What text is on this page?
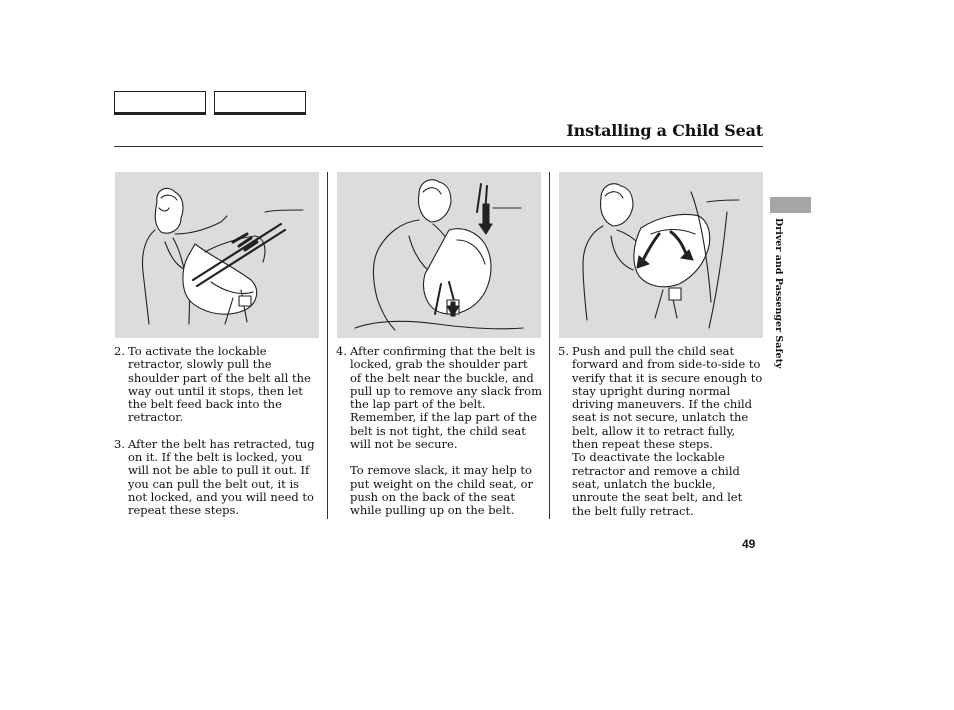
Installing a Child Seat
2. To activate the lockable retractor, slowly pull the shoulder part of the belt all the way out until it stops, then let the belt feed back into the retractor.
3. After the belt has retracted, tug on it. If the belt is locked, you will not be able to pull it out. If you can pull the belt out, it is not locked, and you will need to repeat these steps.
4. After confirming that the belt is locked, grab the shoulder part of the belt near the buckle, and pull up to remove any slack from the lap part of the belt. Remember, if the lap part of the belt is not tight, the child seat will not be secure.

To remove slack, it may help to put weight on the child seat, or push on the back of the seat while pulling up on the belt.

5. Push and pull the child seat forward and from side-to-side to verify that it is secure enough to stay upright during normal driving maneuvers. If the child seat is not secure, unlatch the belt, allow it to retract fully, then repeat these steps.

To deactivate the lockable retractor and remove a child seat, unlatch the buckle, unroute the seat belt, and let the belt fully retract.

Driver and Passenger Safety
49
